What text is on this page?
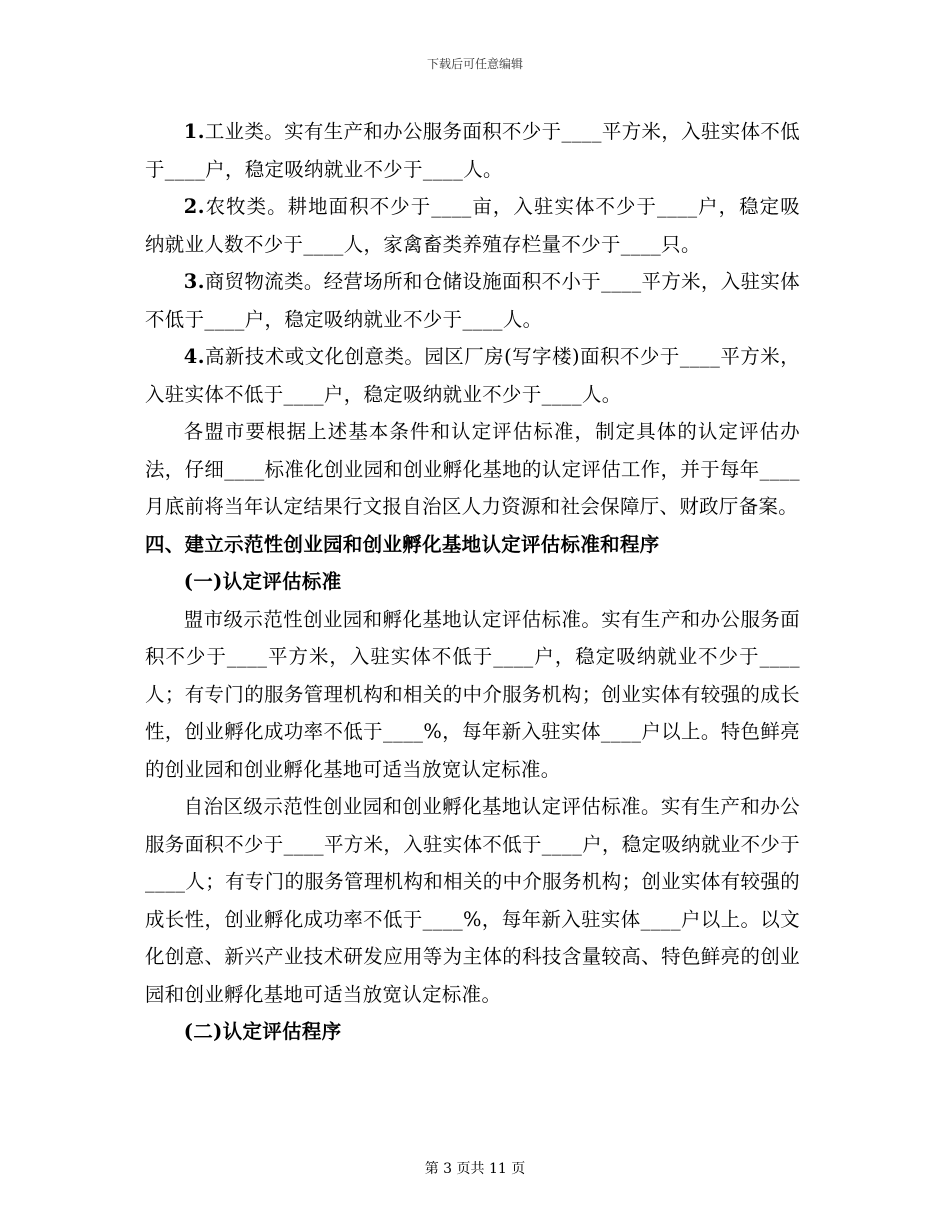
下载后可任意编辑

1.工业类。实有生产和办公服务面积不少于____平方米，入驻实体不低于____户，稳定吸纳就业不少于____人。

2.农牧类。耕地面积不少于____亩，入驻实体不少于____户，稳定吸纳就业人数不少于____人，家禽畜类养殖存栏量不少于____只。

3.商贸物流类。经营场所和仓储设施面积不小于____平方米，入驻实体不低于____户，稳定吸纳就业不少于____人。

4.高新技术或文化创意类。园区厂房(写字楼)面积不少于____平方米，入驻实体不低于____户，稳定吸纳就业不少于____人。

各盟市要根据上述基本条件和认定评估标准，制定具体的认定评估办法，仔细____标准化创业园和创业孵化基地的认定评估工作，并于每年____月底前将当年认定结果行文报自治区人力资源和社会保障厅、财政厅备案。

四、建立示范性创业园和创业孵化基地认定评估标准和程序

(一)认定评估标准

盟市级示范性创业园和孵化基地认定评估标准。实有生产和办公服务面积不少于____平方米，入驻实体不低于____户，稳定吸纳就业不少于____人；有专门的服务管理机构和相关的中介服务机构；创业实体有较强的成长性，创业孵化成功率不低于____%，每年新入驻实体____户以上。特色鲜亮的创业园和创业孵化基地可适当放宽认定标准。

自治区级示范性创业园和创业孵化基地认定评估标准。实有生产和办公服务面积不少于____平方米，入驻实体不低于____户，稳定吸纳就业不少于____人；有专门的服务管理机构和相关的中介服务机构；创业实体有较强的成长性，创业孵化成功率不低于____%，每年新入驻实体____户以上。以文化创意、新兴产业技术研发应用等为主体的科技含量较高、特色鲜亮的创业园和创业孵化基地可适当放宽认定标准。

(二)认定评估程序

第 3 页共 11 页
